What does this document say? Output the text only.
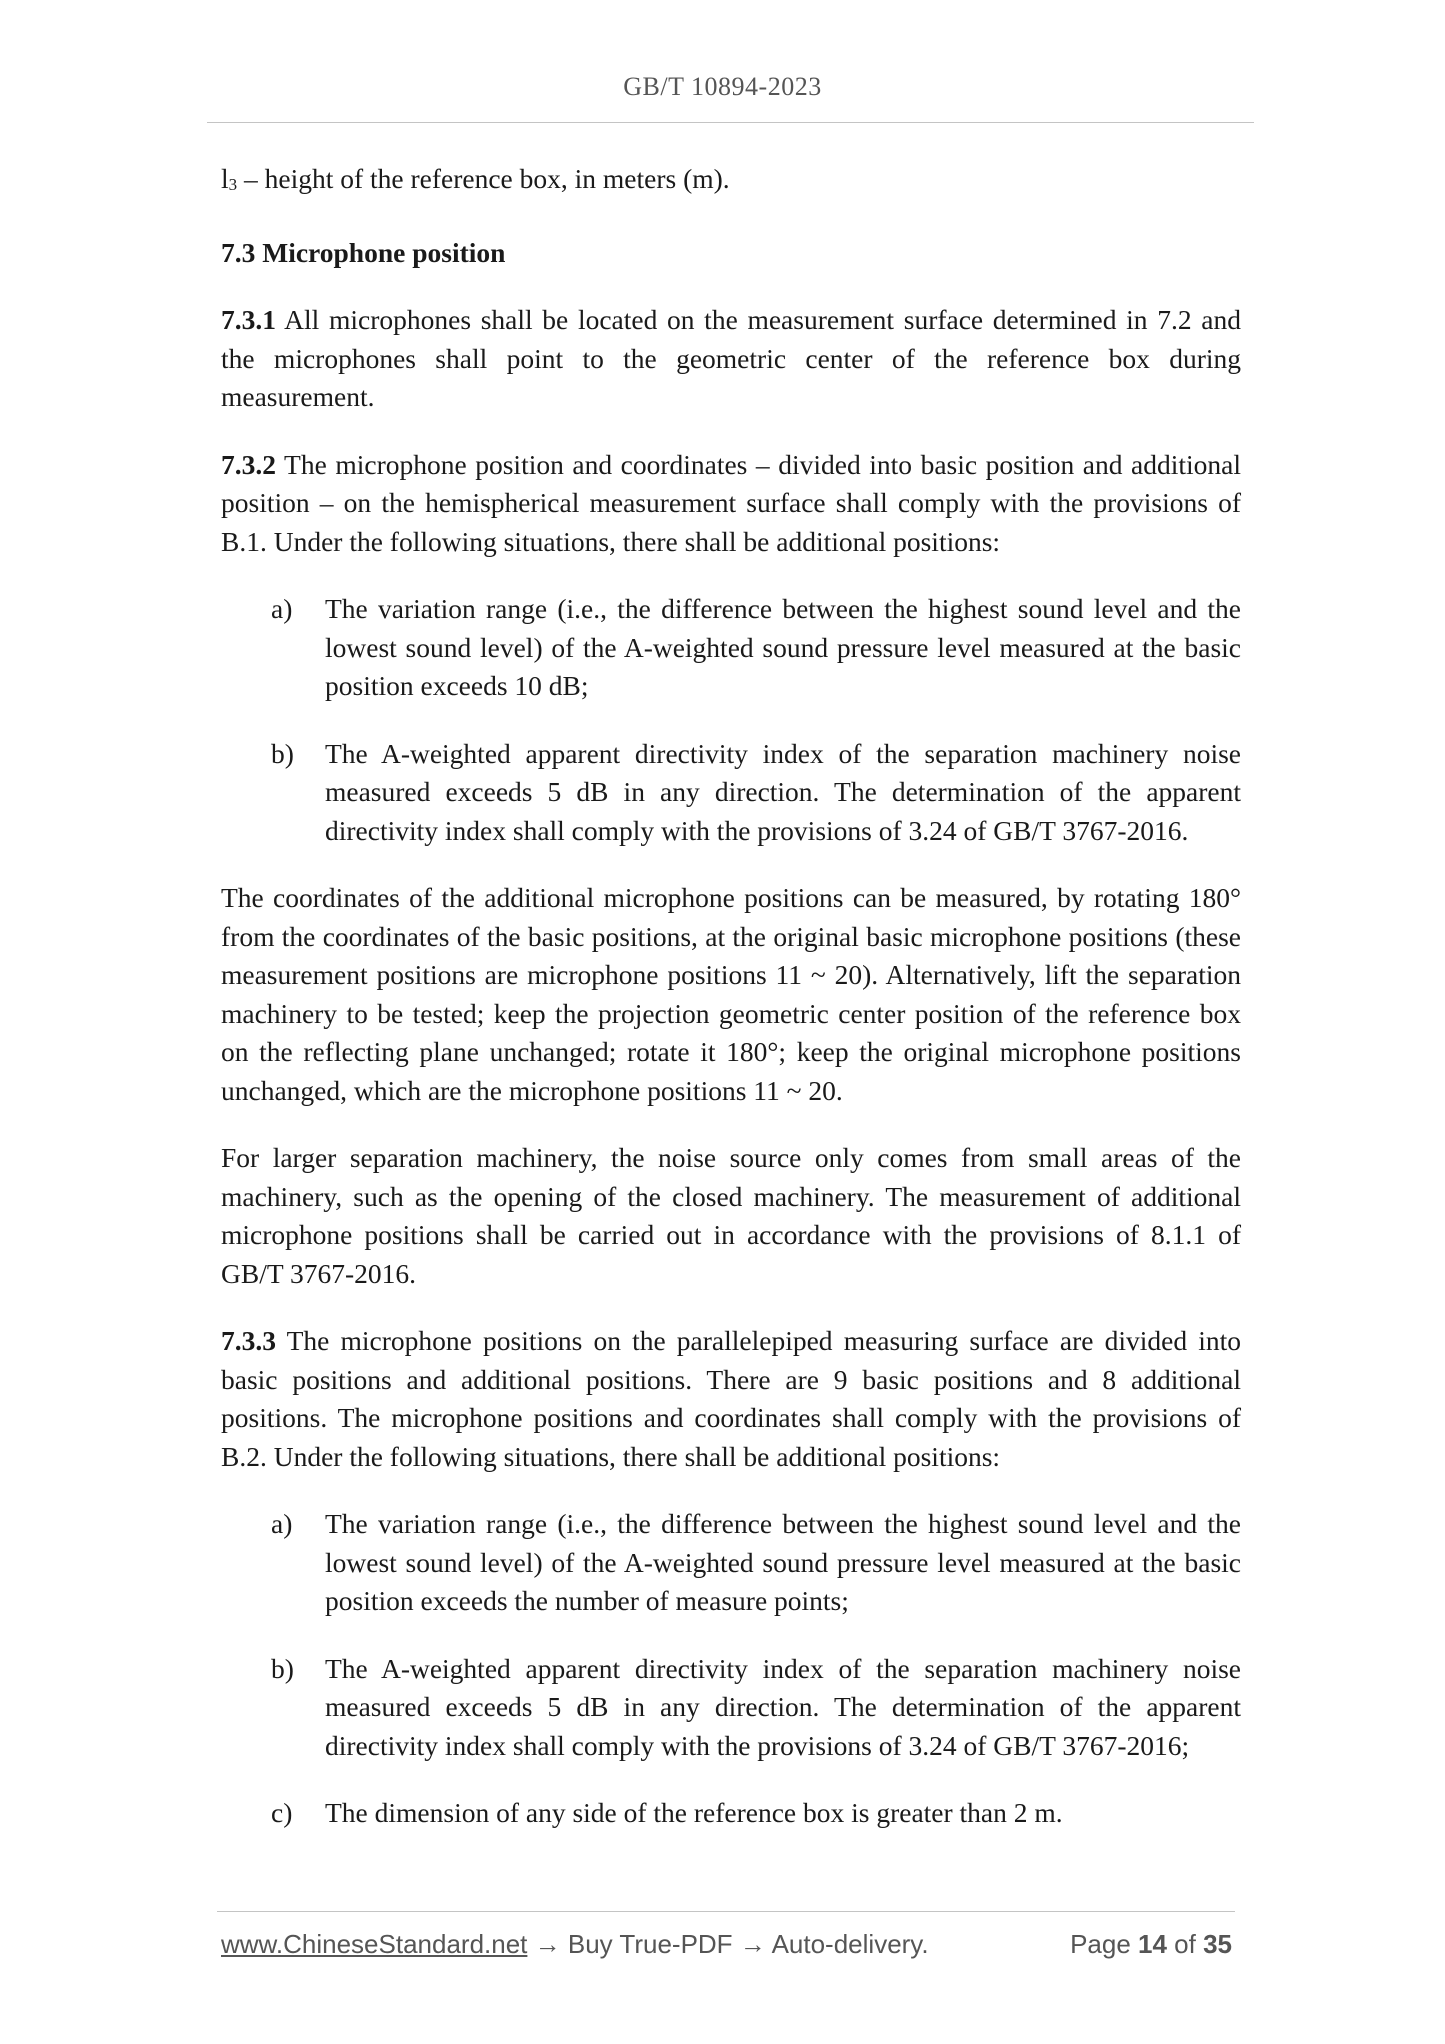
GB/T 10894-2023

$l_3$ – height of the reference box, in meters (m).

7.3 Microphone position

7.3.1 All microphones shall be located on the measurement surface determined in 7.2 and the microphones shall point to the geometric center of the reference box during measurement.

7.3.2 The microphone position and coordinates – divided into basic position and additional position – on the hemispherical measurement surface shall comply with the provisions of B.1. Under the following situations, there shall be additional positions:

a) The variation range (i.e., the difference between the highest sound level and the lowest sound level) of the A-weighted sound pressure level measured at the basic position exceeds 10 dB;
b) The A-weighted apparent directivity index of the separation machinery noise measured exceeds 5 dB in any direction. The determination of the apparent directivity index shall comply with the provisions of 3.24 of GB/T 3767-2016.

The coordinates of the additional microphone positions can be measured, by rotating 180° from the coordinates of the basic positions, at the original basic microphone positions (these measurement positions are microphone positions 11 ~ 20). Alternatively, lift the separation machinery to be tested; keep the projection geometric center position of the reference box on the reflecting plane unchanged; rotate it 180°; keep the original microphone positions unchanged, which are the microphone positions 11 ~ 20.

For larger separation machinery, the noise source only comes from small areas of the machinery, such as the opening of the closed machinery. The measurement of additional microphone positions shall be carried out in accordance with the provisions of 8.1.1 of GB/T 3767-2016.

7.3.3 The microphone positions on the parallelepiped measuring surface are divided into basic positions and additional positions. There are 9 basic positions and 8 additional positions. The microphone positions and coordinates shall comply with the provisions of B.2. Under the following situations, there shall be additional positions:

a) The variation range (i.e., the difference between the highest sound level and the lowest sound level) of the A-weighted sound pressure level measured at the basic position exceeds the number of measure points;
b) The A-weighted apparent directivity index of the separation machinery noise measured exceeds 5 dB in any direction. The determination of the apparent directivity index shall comply with the provisions of 3.24 of GB/T 3767-2016;
c) The dimension of any side of the reference box is greater than 2 m.
www.ChineseStandard.net → Buy True-PDF → Auto-delivery.	Page 14 of 35
